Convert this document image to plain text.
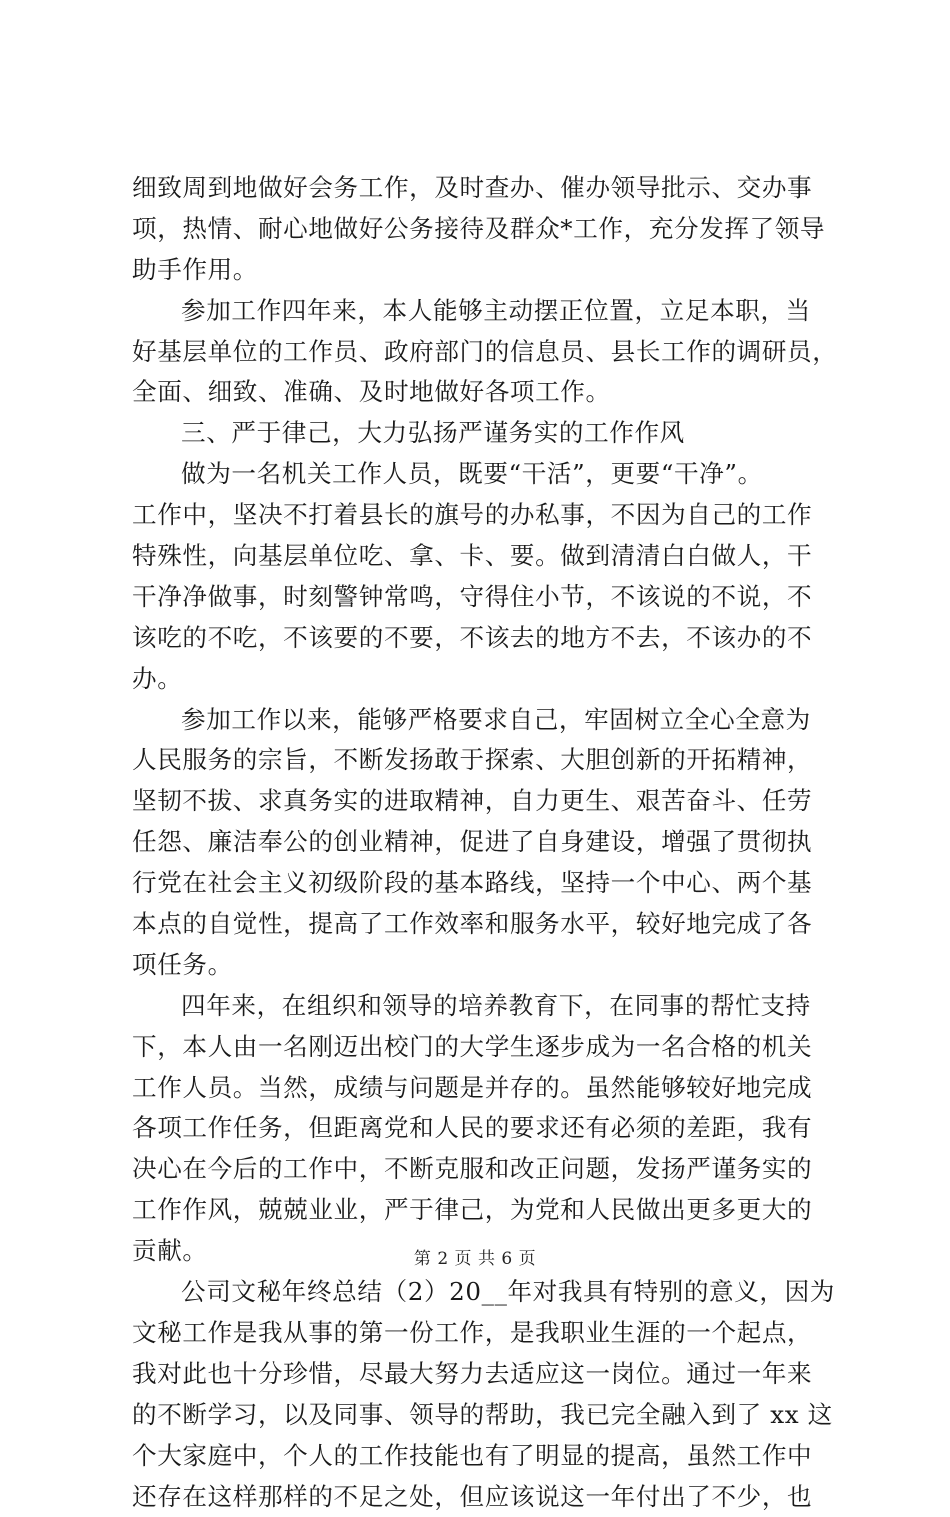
细致周到地做好会务工作，及时查办、催办领导批示、交办事
项，热情、耐心地做好公务接待及群众*工作，充分发挥了领导
助手作用。
参加工作四年来，本人能够主动摆正位置，立足本职，当
好基层单位的工作员、政府部门的信息员、县长工作的调研员，
全面、细致、准确、及时地做好各项工作。
三、严于律己，大力弘扬严谨务实的工作作风
做为一名机关工作人员，既要“干活”，更要“干净”。
工作中，坚决不打着县长的旗号的办私事，不因为自己的工作
特殊性，向基层单位吃、拿、卡、要。做到清清白白做人，干
干净净做事，时刻警钟常鸣，守得住小节，不该说的不说，不
该吃的不吃，不该要的不要，不该去的地方不去，不该办的不
办。
参加工作以来，能够严格要求自己，牢固树立全心全意为
人民服务的宗旨，不断发扬敢于探索、大胆创新的开拓精神，
坚韧不拔、求真务实的进取精神，自力更生、艰苦奋斗、任劳
任怨、廉洁奉公的创业精神，促进了自身建设，增强了贯彻执
行党在社会主义初级阶段的基本路线，坚持一个中心、两个基
本点的自觉性，提高了工作效率和服务水平，较好地完成了各
项任务。
四年来，在组织和领导的培养教育下，在同事的帮忙支持
下，本人由一名刚迈出校门的大学生逐步成为一名合格的机关
工作人员。当然，成绩与问题是并存的。虽然能够较好地完成
各项工作任务，但距离党和人民的要求还有必须的差距，我有
决心在今后的工作中，不断克服和改正问题，发扬严谨务实的
工作作风，兢兢业业，严于律己，为党和人民做出更多更大的
贡献。
公司文秘年终总结（2）20__年对我具有特别的意义，因为
文秘工作是我从事的第一份工作，是我职业生涯的一个起点，
我对此也十分珍惜，尽最大努力去适应这一岗位。通过一年来
的不断学习，以及同事、领导的帮助，我已完全融入到了 xx 这
个大家庭中，个人的工作技能也有了明显的提高，虽然工作中
还存在这样那样的不足之处，但应该说这一年付出了不少，也
第 2 页 共 6 页
